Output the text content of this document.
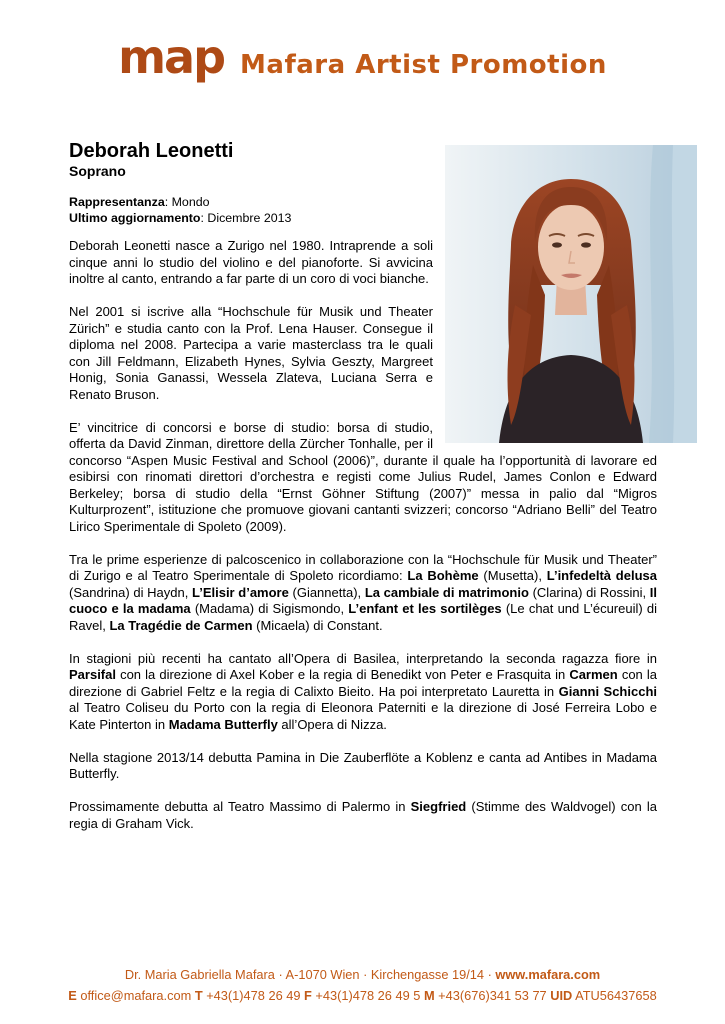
map Mafara Artist Promotion
Deborah Leonetti
Soprano

Rappresentanza: Mondo

Ultimo aggiornamento: Dicembre 2013

Deborah Leonetti nasce a Zurigo nel 1980. Intraprende a soli cinque anni lo studio del violino e del pianoforte. Si avvicina inoltre al canto, entrando a far parte di un coro di voci bianche.

Nel 2001 si iscrive alla “Hochschule für Musik und Theater Zürich” e studia canto con la Prof. Lena Hauser. Consegue il diploma nel 2008. Partecipa a varie masterclass tra le quali con Jill Feldmann, Elizabeth Hynes, Sylvia Geszty, Margreet Honig, Sonia Ganassi, Wessela Zlateva, Luciana Serra e Renato Bruson.

E’ vincitrice di concorsi e borse di studio: borsa di studio, offerta da David Zinman, direttore della Zürcher Tonhalle, per il concorso “Aspen Music Festival and School (2006)”, durante il quale ha l’opportunità di lavorare ed esibirsi con rinomati direttori d’orchestra e registi come Julius Rudel, James Conlon e Edward Berkeley; borsa di studio della “Ernst Göhner Stiftung (2007)” messa in palio dal “Migros Kulturprozent”, istituzione che promuove giovani cantanti svizzeri; concorso “Adriano Belli” del Teatro Lirico Sperimentale di Spoleto (2009).

Tra le prime esperienze di palcoscenico in collaborazione con la “Hochschule für Musik und Theater” di Zurigo e al Teatro Sperimentale di Spoleto ricordiamo: La Bohème (Musetta), L’infedeltà delusa (Sandrina) di Haydn, L’Elisir d’amore (Giannetta), La cambiale di matrimonio (Clarina) di Rossini, Il cuoco e la madama (Madama) di Sigismondo, L’enfant et les sortilèges (Le chat und L’écureuil) di Ravel, La Tragédie de Carmen (Micaela) di Constant.

In stagioni più recenti ha cantato all’Opera di Basilea, interpretando la seconda ragazza fiore in Parsifal con la direzione di Axel Kober e la regia di Benedikt von Peter e Frasquita in Carmen con la direzione di Gabriel Feltz e la regia di Calixto Bieito. Ha poi interpretato Lauretta in Gianni Schicchi al Teatro Coliseu du Porto con la regia di Eleonora Paterniti e la direzione di José Ferreira Lobo e Kate Pinterton in Madama Butterfly all’Opera di Nizza.

Nella stagione 2013/14 debutta Pamina in Die Zauberflöte a Koblenz e canta ad Antibes in Madama Butterfly.

Prossimamente debutta al Teatro Massimo di Palermo in Siegfried (Stimme des Waldvogel) con la regia di Graham Vick.

Dr. Maria Gabriella Mafara · A-1070 Wien · Kirchengasse 19/14 · www.mafara.com

E office@mafara.com T +43(1)478 26 49 F +43(1)478 26 49 5 M +43(676)341 53 77 UID ATU56437658
